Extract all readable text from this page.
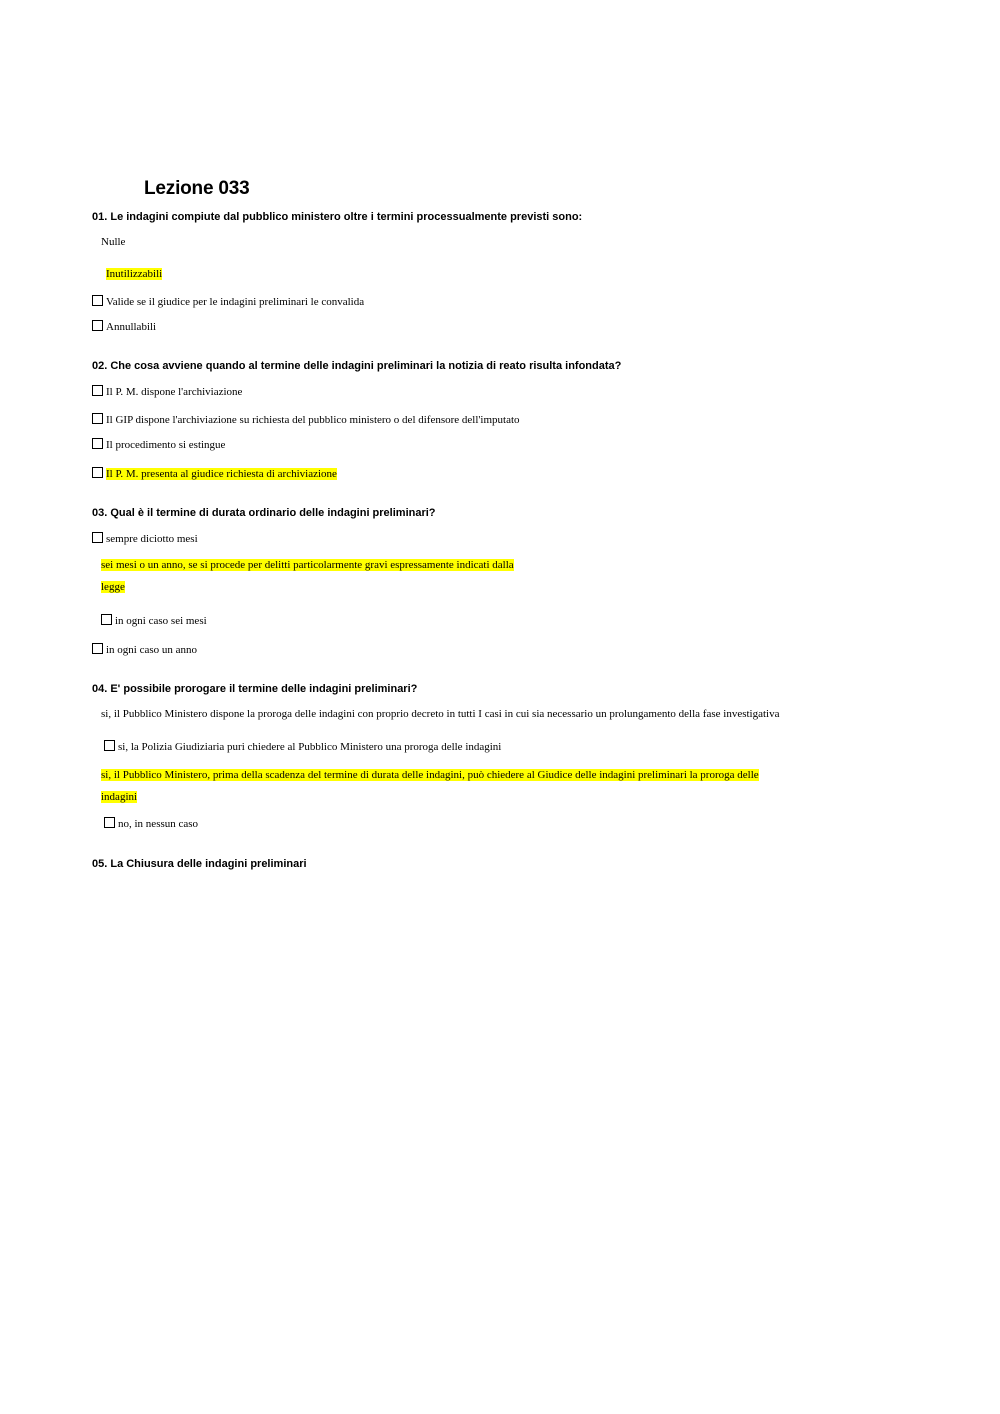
Lezione 033
01. Le indagini compiute dal pubblico ministero oltre i termini processualmente previsti sono:
Nulle
Inutilizzabili
Valide se il giudice per le indagini preliminari le convalida
Annullabili
02. Che cosa avviene quando al termine delle indagini preliminari la notizia di reato risulta infondata?
Il P. M. dispone l'archiviazione
Il GIP dispone l'archiviazione su richiesta del pubblico ministero o del difensore dell'imputato
Il procedimento si estingue
Il P. M. presenta al giudice richiesta di archiviazione
03. Qual è il termine di durata ordinario delle indagini preliminari?
sempre diciotto mesi
sei mesi o un anno, se si procede per delitti particolarmente gravi espressamente indicati dalla
legge
in ogni caso sei mesi
in ogni caso un anno
04. E' possibile prorogare il termine delle indagini preliminari?
si, il Pubblico Ministero dispone la proroga delle indagini con proprio decreto in tutti I casi in cui sia necessario un prolungamento della fase investigativa
si, la Polizia Giudiziaria puri chiedere al Pubblico Ministero una proroga delle indagini
si, il Pubblico Ministero, prima della scadenza del termine di durata delle indagini, può chiedere al Giudice delle indagini preliminari la proroga delle
indagini
no, in nessun caso
05. La Chiusura delle indagini preliminari
